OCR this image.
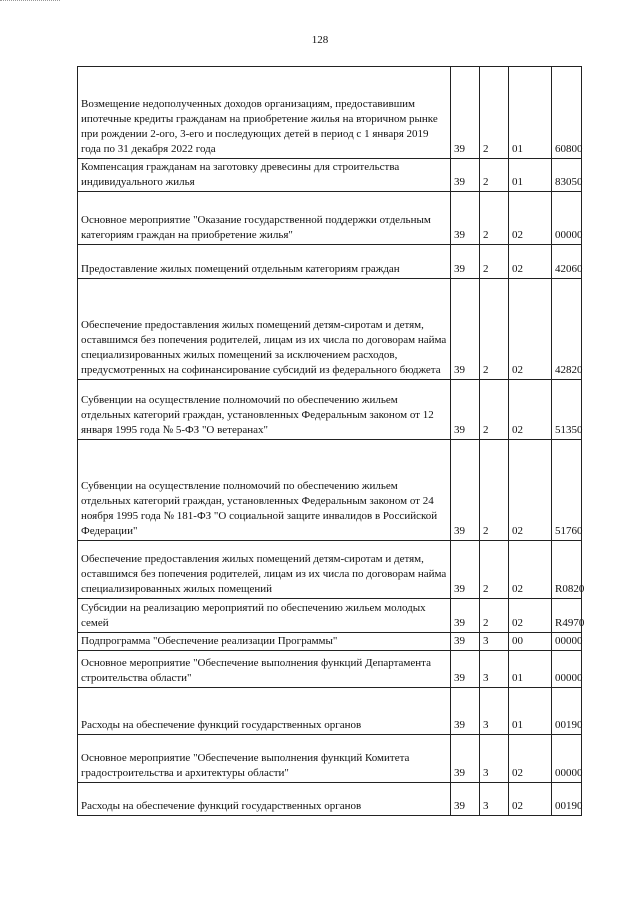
128
Возмещение недополученных доходов организациям, предоставившим ипотечные кредиты гражданам на приобретение жилья на вторичном рынке при рождении 2-ого, 3-его и последующих детей в период с 1 января 2019 года по 31 декабря 2022 года	39	2	01	60800
Компенсация гражданам на заготовку древесины для строительства индивидуального жилья	39	2	01	83050
Основное мероприятие "Оказание государственной поддержки отдельным категориям граждан на приобретение жилья"	39	2	02	00000
Предоставление жилых помещений отдельным категориям граждан	39	2	02	42060
Обеспечение предоставления жилых помещений детям-сиротам и детям, оставшимся без попечения родителей, лицам из их числа по договорам найма специализированных жилых помещений за исключением расходов, предусмотренных на софинансирование субсидий из федерального бюджета	39	2	02	42820
Субвенции на осуществление полномочий по обеспечению жильем отдельных категорий граждан, установленных Федеральным законом от 12 января 1995 года № 5-ФЗ "О ветеранах"	39	2	02	51350
Субвенции на осуществление полномочий по обеспечению жильем отдельных категорий граждан, установленных Федеральным законом от 24 ноября 1995 года № 181-ФЗ "О социальной защите инвалидов в Российской Федерации"	39	2	02	51760
Обеспечение предоставления жилых помещений детям-сиротам и детям, оставшимся без попечения родителей, лицам из их числа по договорам найма специализированных жилых помещений	39	2	02	R0820
Субсидии на реализацию мероприятий по обеспечению жильем молодых семей	39	2	02	R4970
Подпрограмма "Обеспечение реализации Программы"	39	3	00	00000
Основное мероприятие "Обеспечение выполнения функций Департамента строительства области"	39	3	01	00000
Расходы на обеспечение функций государственных органов	39	3	01	00190
Основное мероприятие "Обеспечение выполнения функций Комитета градостроительства и архитектуры области"	39	3	02	00000
Расходы на обеспечение функций государственных органов	39	3	02	00190
